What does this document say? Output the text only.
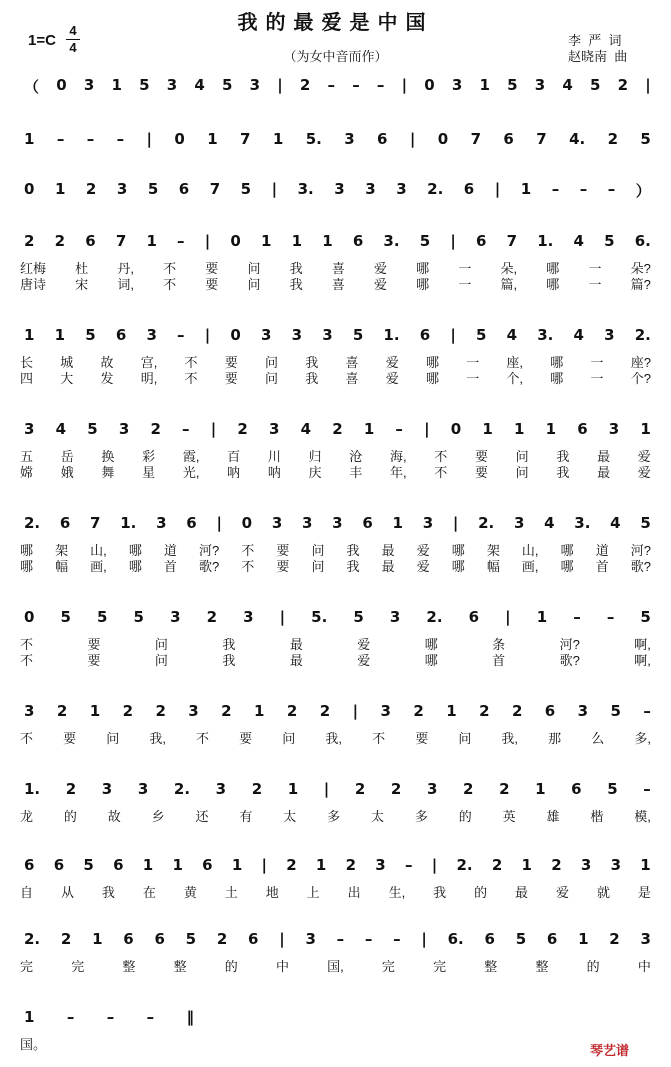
我的最爱是中国
1=C
4
4
（为女中音而作）
李  严  词
赵晓南  曲
（ 0 3 1 5 3 4 5 3 | 2 – – – | 0 3 1 5 3 4 5 2 |
1 – – – | 0 1 7 1 5. 3 6 | 0 7 6 7 4. 2 5
0 1 2 3 5 6 7 5 | 3. 3 3 3 2. 6 | 1 – – – ）
2 2 6 7 1 – | 0 1 1 1 6 3. 5 | 6 7 1. 4 5 6.
红梅 杜 丹, 不 要 问 我 喜 爱 哪 一 朵, 哪 一 朵?
唐诗 宋 词, 不 要 问 我 喜 爱 哪 一 篇, 哪 一 篇?
1 1 5 6 3 – | 0 3 3 3 5 1. 6 | 5 4 3. 4 3 2.
长 城 故 宫, 不 要 问 我 喜 爱 哪 一 座, 哪 一 座?
四 大 发 明, 不 要 问 我 喜 爱 哪 一 个, 哪 一 个?
3 4 5 3 2 – | 2 3 4 2 1 – | 0 1 1 1 6 3 1
五 岳 换 彩 霞, 百 川 归 沧 海, 不 要 问 我 最 爱
嫦 娥 舞 星 光, 呐 呐 庆 丰 年, 不 要 问 我 最 爱
2. 6 7 1. 3 6 | 0 3 3 3 6 1 3 | 2. 3 4 3. 4 5
哪 架 山, 哪 道 河? 不 要 问 我 最 爱 哪 架 山, 哪 道 河?
哪 幅 画, 哪 首 歌? 不 要 问 我 最 爱 哪 幅 画, 哪 首 歌?
0 5 5 5 3 2 3 | 5. 5 3 2. 6 | 1 – – 5
不	要	问	我	最	爱	哪	条	河?	啊,
不	要	问	我	最	爱	哪	首	歌?	啊,
3 2 1 2 2 3 2 1 2 2 | 3 2 1 2 2 6 3 5 –
不 要 问 我, 不 要 问 我, 不 要 问 我, 那 么 多,
1. 2 3 3 2. 3 2 1 | 2 2 3 2 2 1 6 5 –
龙 的 故 乡 还 有 太 多 太 多 的 英 雄 楷 模,
6 6 5 6 1 1 6 1 | 2 1 2 3 – | 2. 2 1 2 3 3 1
自 从 我 在 黄 土 地 上 出 生, 我 的 最 爱 就 是
2. 2 1 6 6 5 2 6 | 3 – – – | 6. 6 5 6 1 2 3
完	完	整	整	的	中	国,	完	完	整	整	的	中
1 – – – ‖
国。	琴艺谱
